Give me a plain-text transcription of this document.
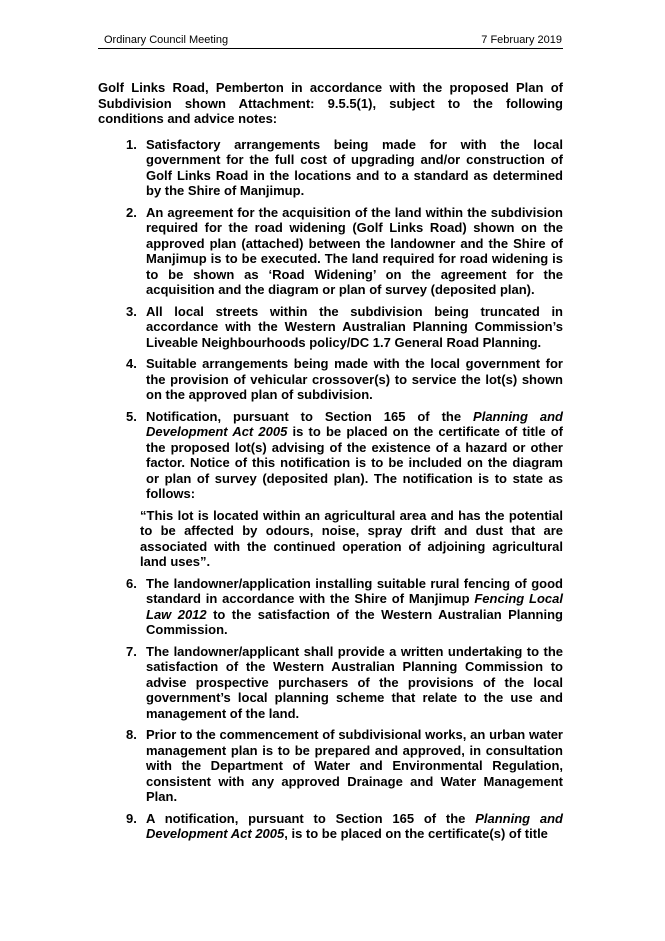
Ordinary Council Meeting	7 February 2019

Golf Links Road, Pemberton in accordance with the proposed Plan of Subdivision shown Attachment: 9.5.5(1), subject to the following conditions and advice notes:

1. Satisfactory arrangements being made for with the local government for the full cost of upgrading and/or construction of Golf Links Road in the locations and to a standard as determined by the Shire of Manjimup.

2. An agreement for the acquisition of the land within the subdivision required for the road widening (Golf Links Road) shown on the approved plan (attached) between the landowner and the Shire of Manjimup is to be executed. The land required for road widening is to be shown as ‘Road Widening’ on the agreement for the acquisition and the diagram or plan of survey (deposited plan).

3. All local streets within the subdivision being truncated in accordance with the Western Australian Planning Commission’s Liveable Neighbourhoods policy/DC 1.7 General Road Planning.

4. Suitable arrangements being made with the local government for the provision of vehicular crossover(s) to service the lot(s) shown on the approved plan of subdivision.

5. Notification, pursuant to Section 165 of the Planning and Development Act 2005 is to be placed on the certificate of title of the proposed lot(s) advising of the existence of a hazard or other factor. Notice of this notification is to be included on the diagram or plan of survey (deposited plan). The notification is to state as follows:

“This lot is located within an agricultural area and has the potential to be affected by odours, noise, spray drift and dust that are associated with the continued operation of adjoining agricultural land uses”.

6. The landowner/application installing suitable rural fencing of good standard in accordance with the Shire of Manjimup Fencing Local Law 2012 to the satisfaction of the Western Australian Planning Commission.

7. The landowner/applicant shall provide a written undertaking to the satisfaction of the Western Australian Planning Commission to advise prospective purchasers of the provisions of the local government’s local planning scheme that relate to the use and management of the land.

8. Prior to the commencement of subdivisional works, an urban water management plan is to be prepared and approved, in consultation with the Department of Water and Environmental Regulation, consistent with any approved Drainage and Water Management Plan.

9. A notification, pursuant to Section 165 of the Planning and Development Act 2005, is to be placed on the certificate(s) of title
